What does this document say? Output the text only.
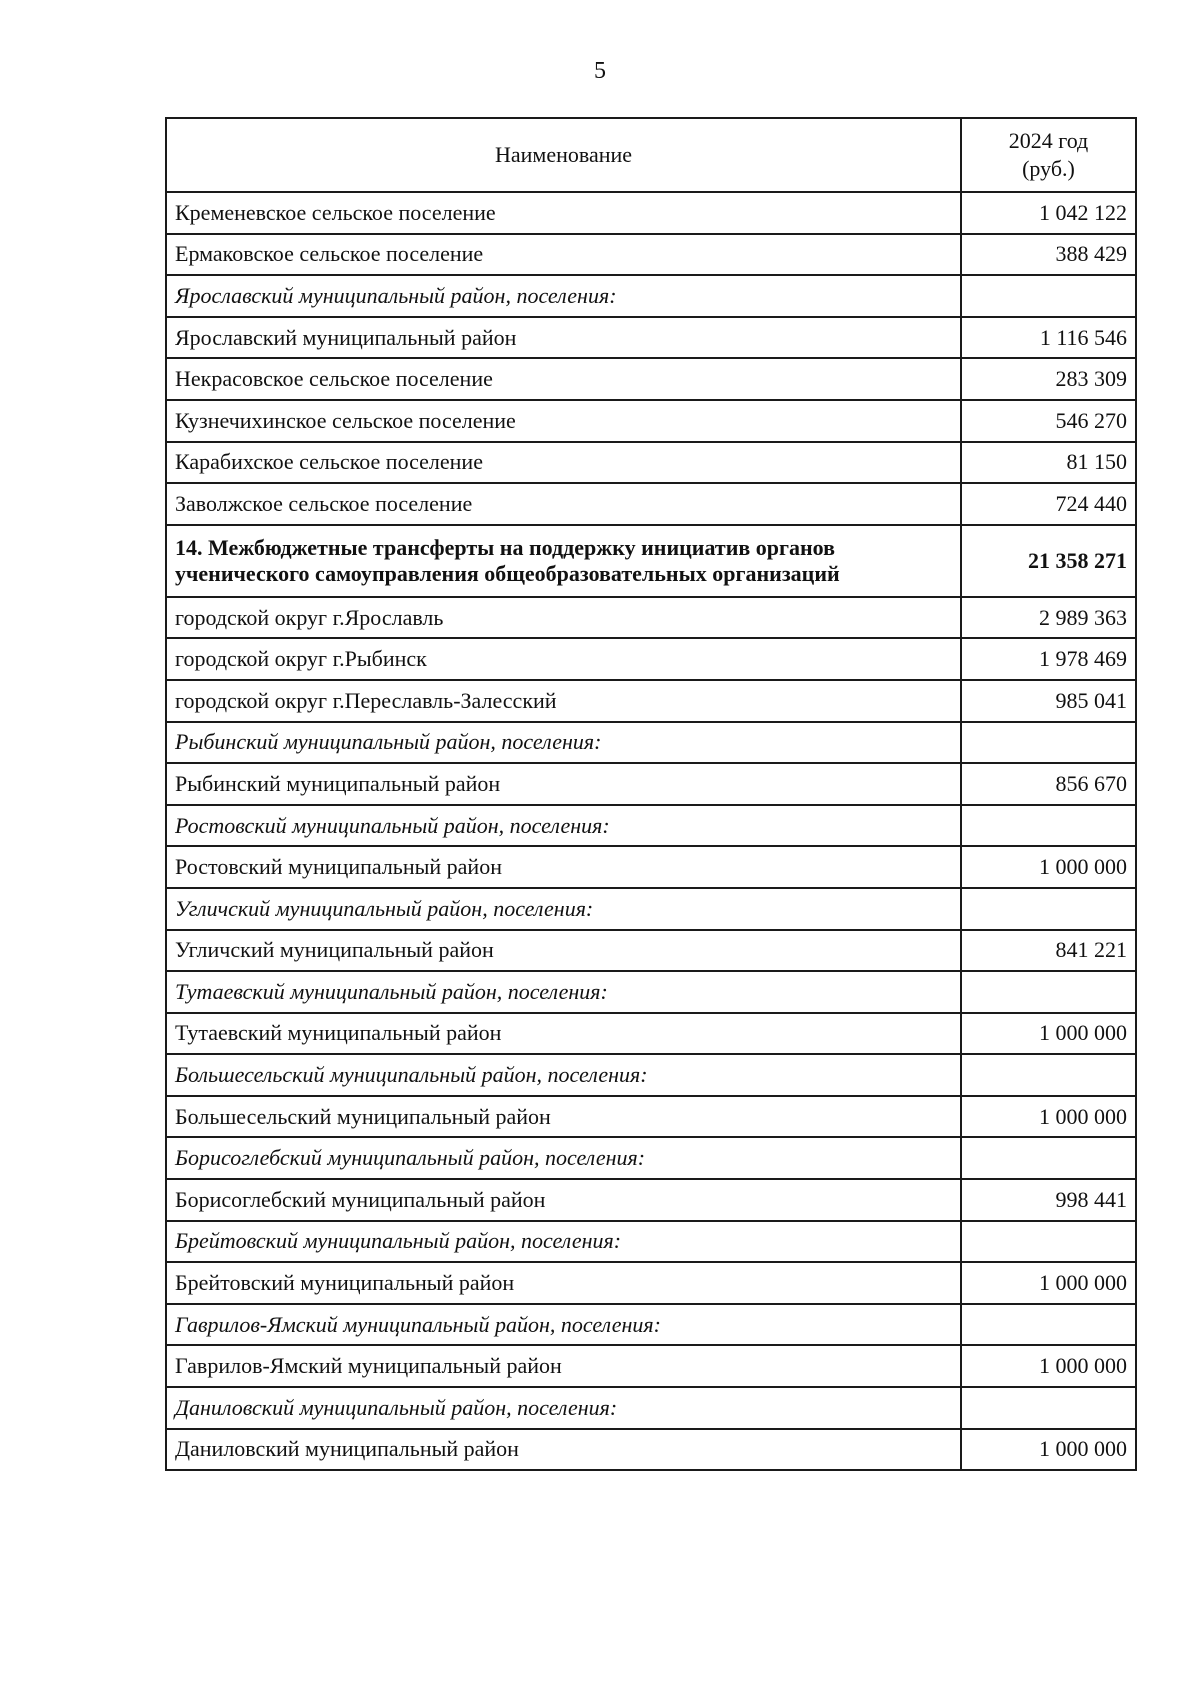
5
Наименование	2024 год
(руб.)
Кременевское сельское поселение	1 042 122
Ермаковское сельское поселение	388 429
Ярославский муниципальный район, поселения:	
Ярославский муниципальный район	1 116 546
Некрасовское сельское поселение	283 309
Кузнечихинское сельское поселение	546 270
Карабихское сельское поселение	81 150
Заволжское сельское поселение	724 440
14. Межбюджетные трансферты на поддержку инициатив органов ученического самоуправления общеобразовательных организаций	21 358 271
городской округ г.Ярославль	2 989 363
городской округ г.Рыбинск	1 978 469
городской округ г.Переславль-Залесский	985 041
Рыбинский муниципальный район, поселения:	
Рыбинский муниципальный район	856 670
Ростовский муниципальный район, поселения:	
Ростовский муниципальный район	1 000 000
Угличский муниципальный район, поселения:	
Угличский муниципальный район	841 221
Тутаевский муниципальный район, поселения:	
Тутаевский муниципальный район	1 000 000
Большесельский муниципальный район, поселения:	
Большесельский муниципальный район	1 000 000
Борисоглебский муниципальный район, поселения:	
Борисоглебский муниципальный район	998 441
Брейтовский муниципальный район, поселения:	
Брейтовский муниципальный район	1 000 000
Гаврилов-Ямский муниципальный район, поселения:	
Гаврилов-Ямский муниципальный район	1 000 000
Даниловский муниципальный район, поселения:	
Даниловский муниципальный район	1 000 000
